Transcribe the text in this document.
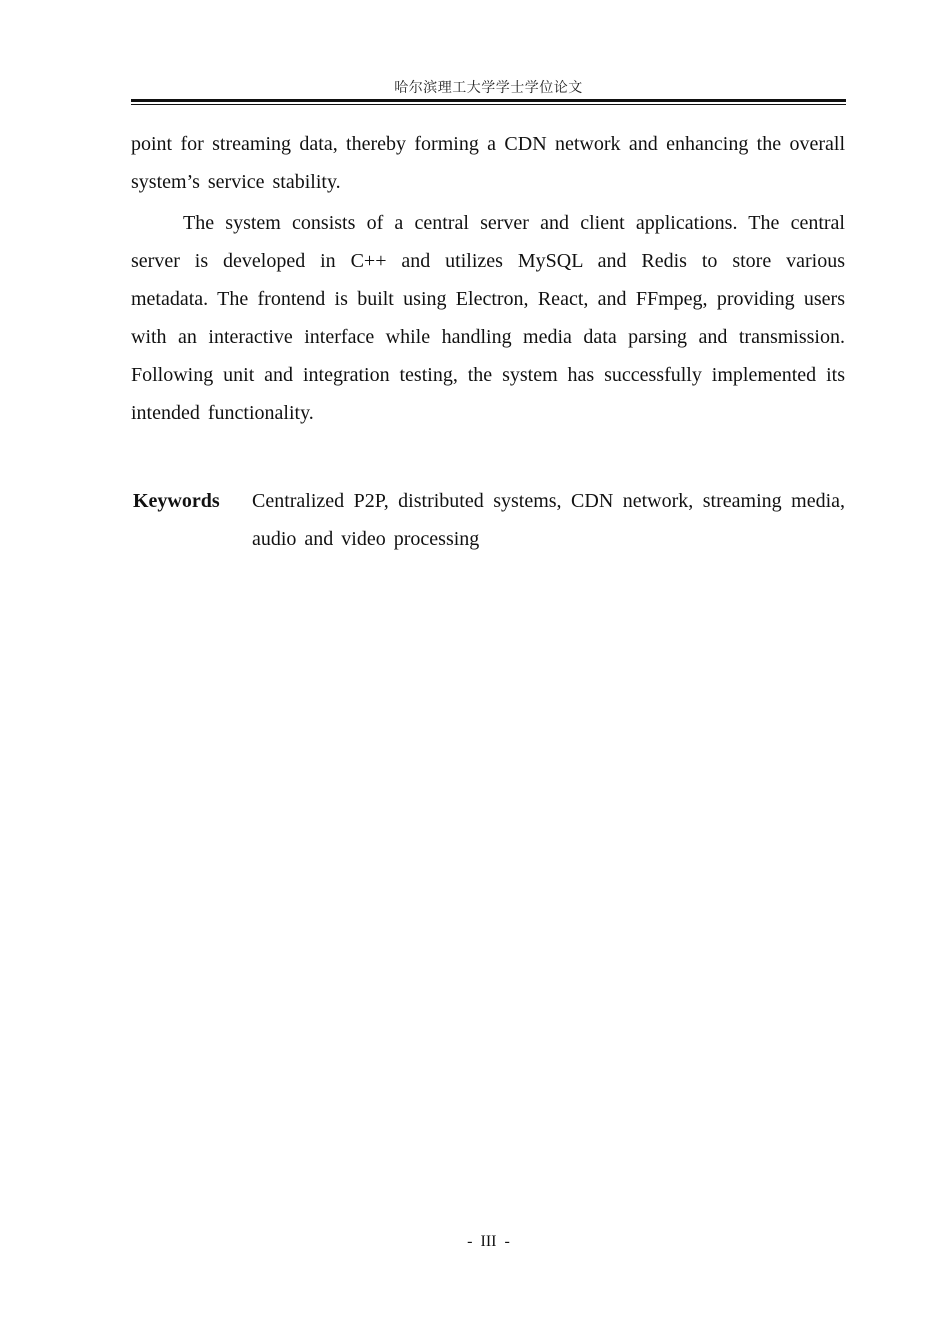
哈尔滨理工大学学士学位论文

point for streaming data, thereby forming a CDN network and enhancing the overall system’s service stability.

The system consists of a central server and client applications. The central server is developed in C++ and utilizes MySQL and Redis to store various metadata. The frontend is built using Electron, React, and FFmpeg, providing users with an interactive interface while handling media data parsing and transmission. Following unit and integration testing, the system has successfully implemented its intended functionality.

Keywords Centralized P2P, distributed systems, CDN network, streaming media, audio and video processing
- III -
